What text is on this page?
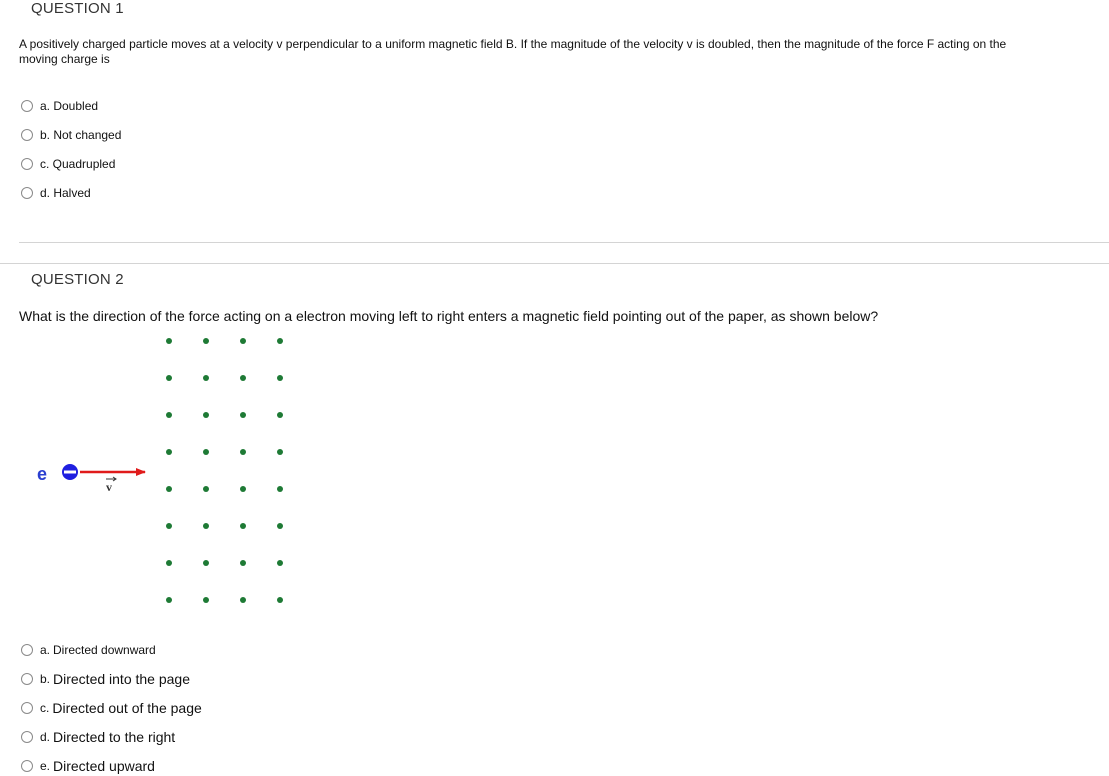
QUESTION 1
A positively charged particle moves at a velocity v perpendicular to a uniform magnetic field B. If the magnitude of the velocity v is doubled, then the magnitude of the force F acting on the moving charge is
a. Doubled
b. Not changed
c. Quadrupled
d. Halved
QUESTION 2
What is the direction of the force acting on a electron moving left to right enters a magnetic field pointing out of the paper, as shown below?
e
v
a. Directed downward
b. Directed into the page
c. Directed out of the page
d. Directed to the right
e. Directed upward
